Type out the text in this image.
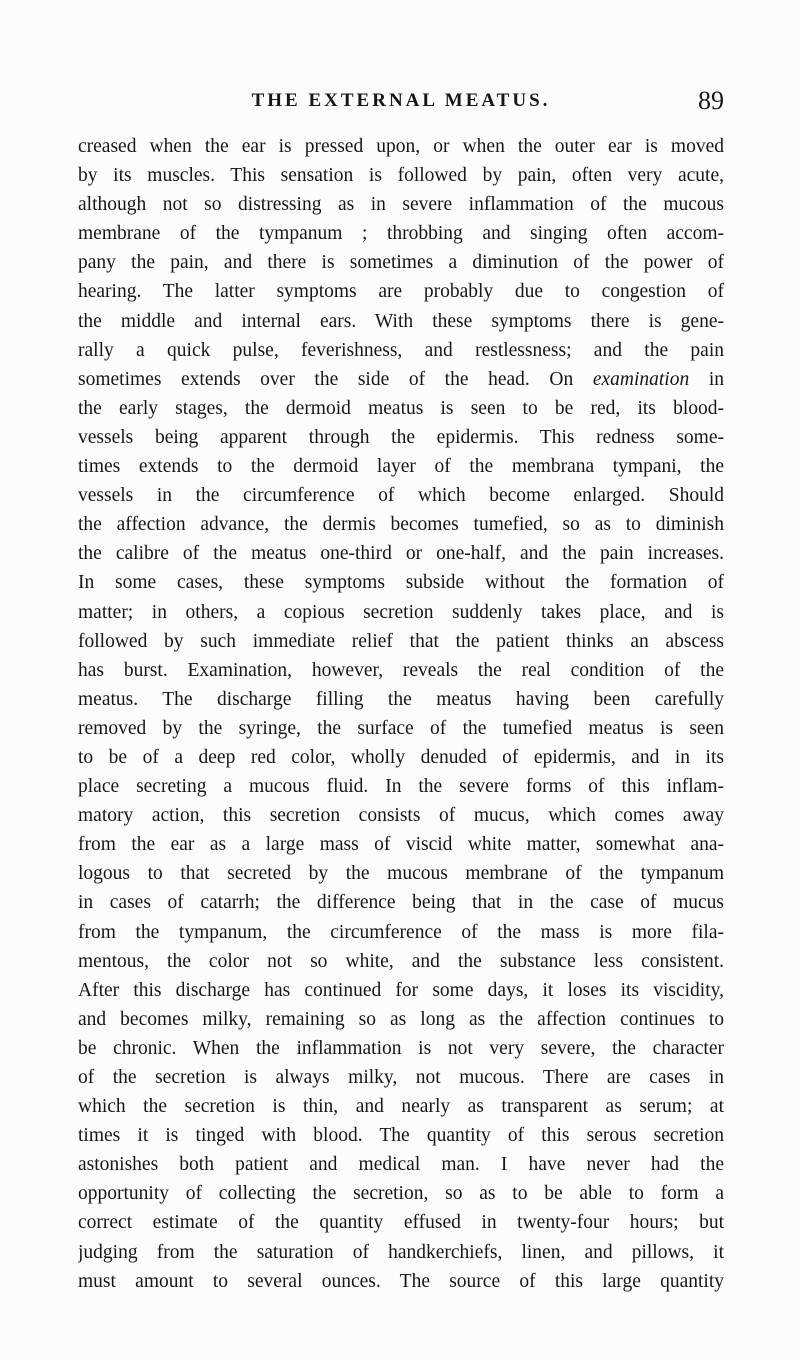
THE EXTERNAL MEATUS.	89
creased when the ear is pressed upon, or when the outer ear is moved
by its muscles. This sensation is followed by pain, often very acute,
although not so distressing as in severe inflammation of the mucous
membrane of the tympanum ; throbbing and singing often accom-
pany the pain, and there is sometimes a diminution of the power of
hearing. The latter symptoms are probably due to congestion of
the middle and internal ears. With these symptoms there is gene-
rally a quick pulse, feverishness, and restlessness; and the pain
sometimes extends over the side of the head. On examination in
the early stages, the dermoid meatus is seen to be red, its blood-
vessels being apparent through the epidermis. This redness some-
times extends to the dermoid layer of the membrana tympani, the
vessels in the circumference of which become enlarged. Should
the affection advance, the dermis becomes tumefied, so as to diminish
the calibre of the meatus one-third or one-half, and the pain increases.
In some cases, these symptoms subside without the formation of
matter; in others, a copious secretion suddenly takes place, and is
followed by such immediate relief that the patient thinks an abscess
has burst. Examination, however, reveals the real condition of the
meatus. The discharge filling the meatus having been carefully
removed by the syringe, the surface of the tumefied meatus is seen
to be of a deep red color, wholly denuded of epidermis, and in its
place secreting a mucous fluid. In the severe forms of this inflam-
matory action, this secretion consists of mucus, which comes away
from the ear as a large mass of viscid white matter, somewhat ana-
logous to that secreted by the mucous membrane of the tympanum
in cases of catarrh; the difference being that in the case of mucus
from the tympanum, the circumference of the mass is more fila-
mentous, the color not so white, and the substance less consistent.
After this discharge has continued for some days, it loses its viscidity,
and becomes milky, remaining so as long as the affection continues to
be chronic. When the inflammation is not very severe, the character
of the secretion is always milky, not mucous. There are cases in
which the secretion is thin, and nearly as transparent as serum; at
times it is tinged with blood. The quantity of this serous secretion
astonishes both patient and medical man. I have never had the
opportunity of collecting the secretion, so as to be able to form a
correct estimate of the quantity effused in twenty-four hours; but
judging from the saturation of handkerchiefs, linen, and pillows, it
must amount to several ounces. The source of this large quantity
